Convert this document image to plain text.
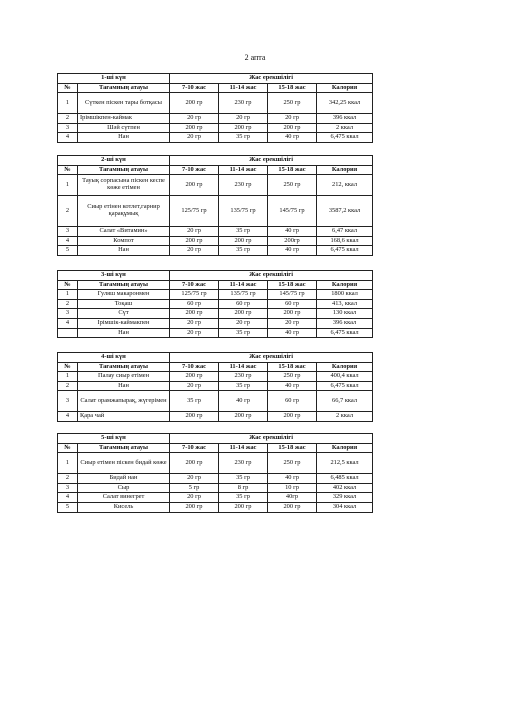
2 апта
1-ші күн		Жас ерекшілігі			
№	Тағамның атауы	7-10 жас	11-14 жас	15-18 жас	Калория
1	Сүткен піскен тары ботқасы	200 гр	230 гр	250 гр	342,25 ккал
2	Ірімшікпен-каймак	20 гр	20 гр	20 гр	396 ккал
3	Шәй сүтпен	200 гр	200 гр	200 гр	2 ккал
4	Нан	20 гр	35 гр	40 гр	6,475 ккал
2-ші күн		Жас ерекшілігі			
№	Тағамның атауы	7-10 жас	11-14 жас	15-18 жас	Калория
1	Тауық сорпасына піскен кеспе көже етімен	200 гр	230 гр	250 гр	212, ккал
2	Сиыр етінен котлет,гарнир қарақұмық	125/75 гр	135/75 гр	145/75 гр	3587,2 ккал
3	Салат «Витамин»	20 гр	35 гр	40 гр	6,47 ккал
4	Компот	200 гр	200 гр	200гр	168,6 ккал
5	Нан	20 гр	35 гр	40 гр	6,475 ккал
3-ші күн		Жас ерекшілігі			
№	Тағамның атауы	7-10 жас	11-14 жас	15-18 жас	Калория
1	Гуляш макаронмен	125/75 гр	135/75 гр	145/75 гр	1800 ккал
2	Тоқаш	60 гр	60 гр	60 гр	413, ккал
3	Сүт	200 гр	200 гр	200 гр	130 ккал
4	Ірімшік-каймакпен	20 гр	20 гр	20 гр	396 ккал
	Нан	20 гр	35 гр	40 гр	6,475 ккал
4-ші күн		Жас ерекшілігі			
№	Тағамның атауы	7-10 жас	11-14 жас	15-18 жас	Калория
1	Палау сиыр етімен	200 гр	230 гр	250 гр	400,4 ккал
2	Нан	20 гр	35 гр	40 гр	6,475 ккал
3	Салат орамжапырақ, жүгерімен	35 гр	40 гр	60 гр	66,7 ккал
4	Қара чай	200 гр	200 гр	200 гр	2 ккал
5-ші күн		Жас ерекшілігі			
№	Тағамның атауы	7-10 жас	11-14 жас	15-18 жас	Калория
1	Сиыр етімен піскен бидай көже	200 гр	230 гр	250 гр	212,5 ккал
2	Бидай нан	20 гр	35 гр	40 гр	6,485 ккал
3	Сыр	5 гр	8 гр	10 гр	402 ккал
4	Салат винегрет	20 гр	35 гр	40гр	329 ккал
5	Кисель	200 гр	200 гр	200 гр	304 ккал
